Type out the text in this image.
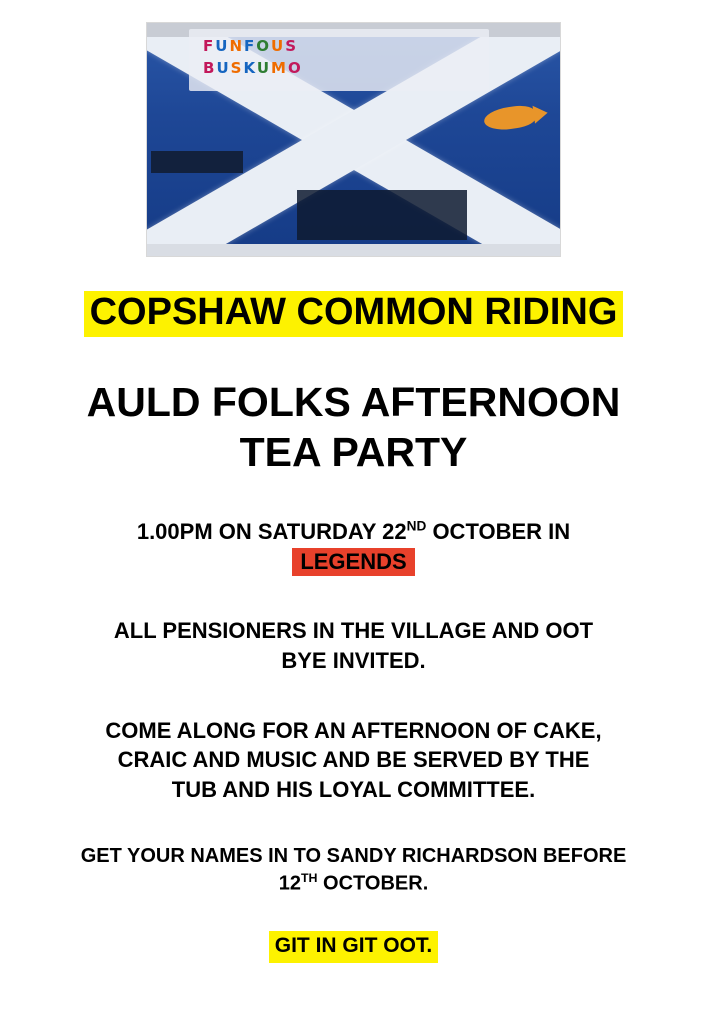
FUNFOUS
BUSKUMO
COPSHAW COMMON RIDING
AULD FOLKS AFTERNOON
TEA PARTY
1.00PM ON SATURDAY 22ND OCTOBER IN
LEGENDS
ALL PENSIONERS IN THE VILLAGE AND OOT
BYE INVITED.
COME ALONG FOR AN AFTERNOON OF CAKE,
CRAIC AND MUSIC AND BE SERVED BY THE
TUB AND HIS LOYAL COMMITTEE.
GET YOUR NAMES IN TO SANDY RICHARDSON BEFORE
12TH OCTOBER.
GIT IN GIT OOT.
